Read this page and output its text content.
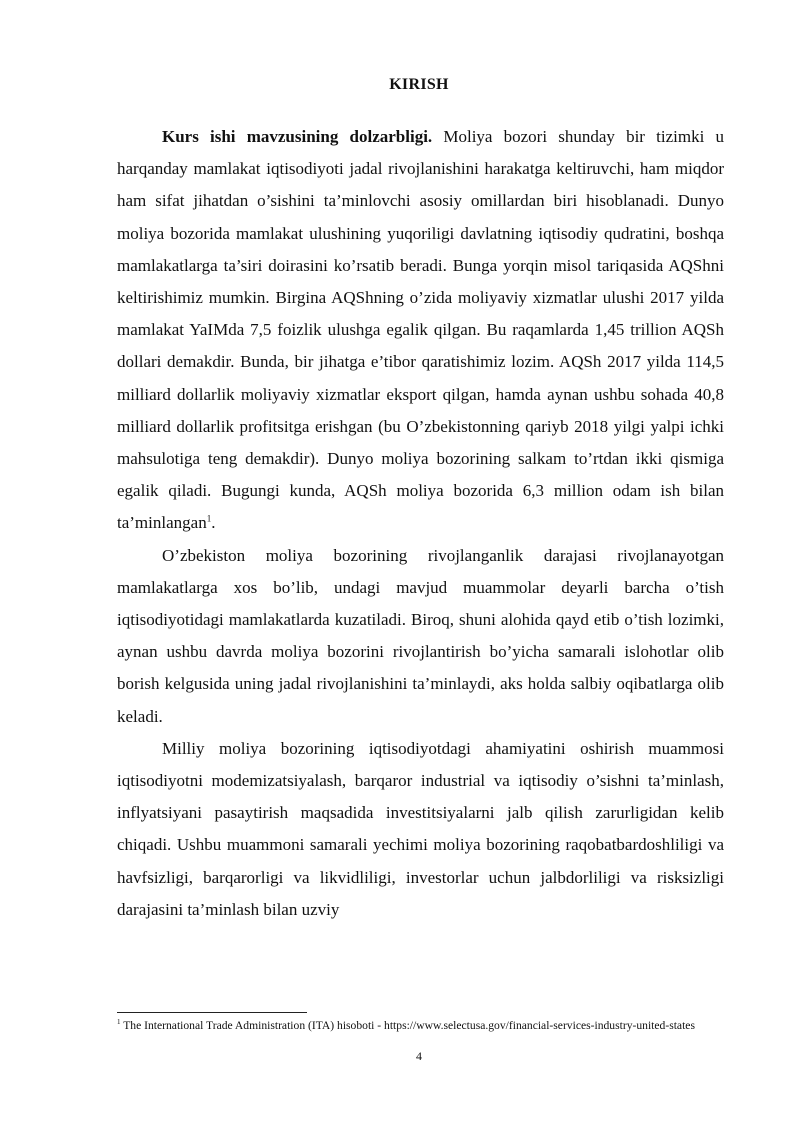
KIRISH

Kurs ishi mavzusining dolzarbligi. Moliya bozori shunday bir tizimki u harqanday mamlakat iqtisodiyoti jadal rivojlanishini harakatga keltiruvchi, ham miqdor ham sifat jihatdan o’sishini ta’minlovchi asosiy omillardan biri hisoblanadi. Dunyo moliya bozorida mamlakat ulushining yuqoriligi davlatning iqtisodiy qudratini, boshqa mamlakatlarga ta’siri doirasini ko’rsatib beradi. Bunga yorqin misol tariqasida AQShni keltirishimiz mumkin. Birgina AQShning o’zida moliyaviy xizmatlar ulushi 2017 yilda mamlakat YaIMda 7,5 foizlik ulushga egalik qilgan. Bu raqamlarda 1,45 trillion AQSh dollari demakdir. Bunda, bir jihatga e’tibor qaratishimiz lozim. AQSh 2017 yilda 114,5 milliard dollarlik moliyaviy xizmatlar eksport qilgan, hamda aynan ushbu sohada 40,8 milliard dollarlik profitsitga erishgan (bu O’zbekistonning qariyb 2018 yilgi yalpi ichki mahsulotiga teng demakdir). Dunyo moliya bozorining salkam to’rtdan ikki qismiga egalik qiladi. Bugungi kunda, AQSh moliya bozorida 6,3 million odam ish bilan ta’minlangan$^1$.

O’zbekiston moliya bozorining rivojlanganlik darajasi rivojlanayotgan mamlakatlarga xos bo’lib, undagi mavjud muammolar deyarli barcha o’tish iqtisodiyotidagi mamlakatlarda kuzatiladi. Biroq, shuni alohida qayd etib o’tish lozimki, aynan ushbu davrda moliya bozorini rivojlantirish bo’yicha samarali islohotlar olib borish kelgusida uning jadal rivojlanishini ta’minlaydi, aks holda salbiy oqibatlarga olib keladi.

Milliy moliya bozorining iqtisodiyotdagi ahamiyatini oshirish muammosi iqtisodiyotni modemizatsiyalash, barqaror industrial va iqtisodiy o’sishni ta’minlash, inflyatsiyani pasaytirish maqsadida investitsiyalarni jalb qilish zarurligidan kelib chiqadi. Ushbu muammoni samarali yechimi moliya bozorining raqobatbardoshliligi va havfsizligi, barqarorligi va likvidliligi, investorlar uchun jalbdorliligi va risksizligi darajasini ta’minlash bilan uzviy

$^1$ The International Trade Administration (ITA) hisoboti - https://www.selectusa.gov/financial-services-industry-united-states
4
